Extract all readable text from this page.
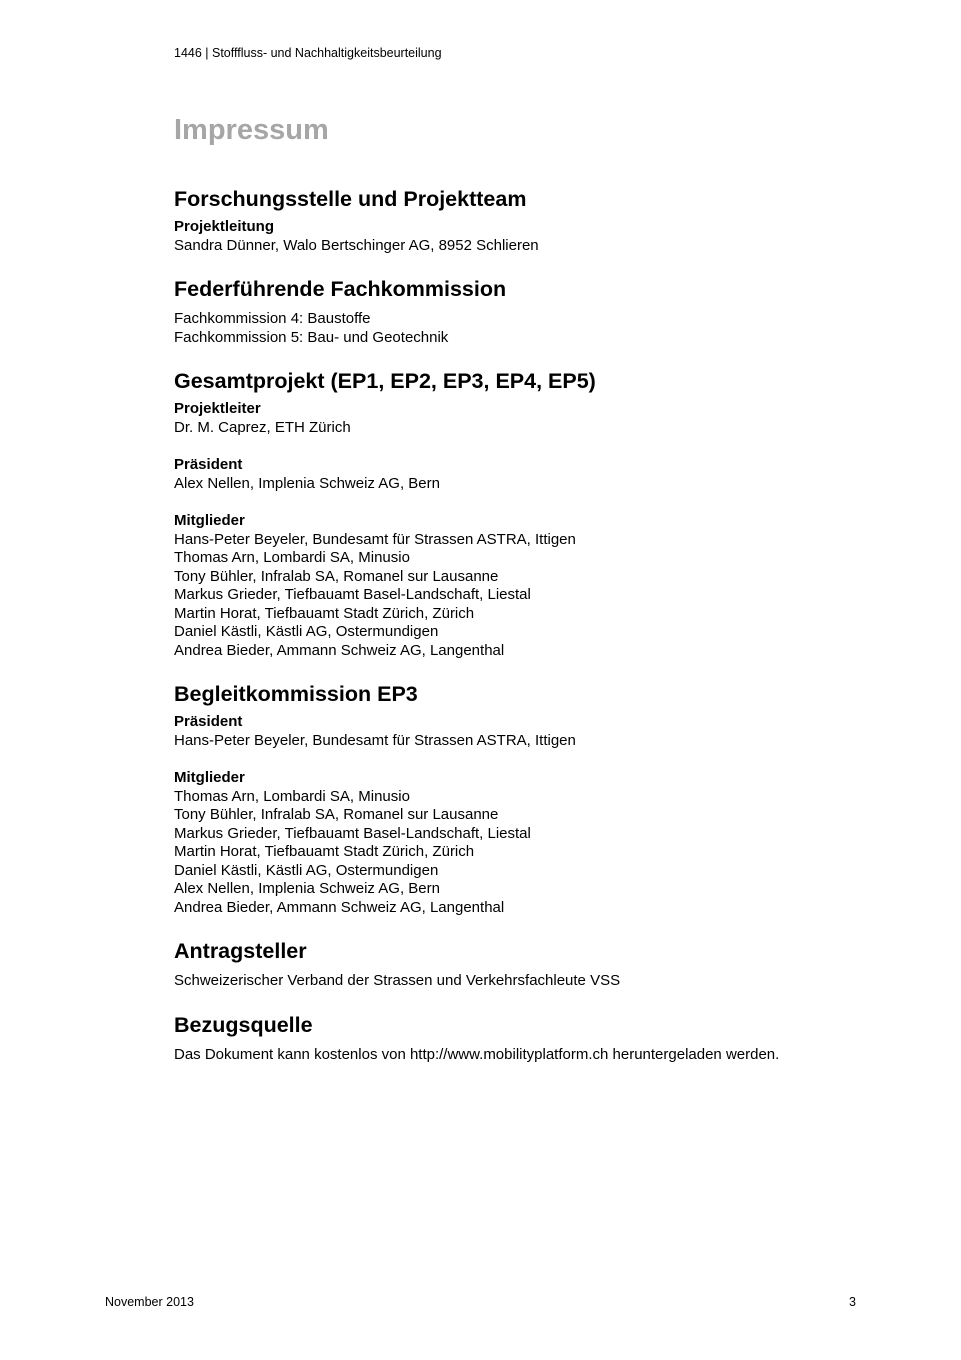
1446 | Stofffluss- und Nachhaltigkeitsbeurteilung
Impressum
Forschungsstelle und Projektteam
Projektleitung
Sandra Dünner, Walo Bertschinger AG, 8952 Schlieren
Federführende Fachkommission
Fachkommission 4: Baustoffe
Fachkommission 5: Bau- und Geotechnik
Gesamtprojekt (EP1, EP2, EP3, EP4, EP5)
Projektleiter
Dr. M. Caprez, ETH Zürich
Präsident
Alex Nellen, Implenia Schweiz AG, Bern
Mitglieder
Hans-Peter Beyeler, Bundesamt für Strassen ASTRA, Ittigen
Thomas Arn, Lombardi SA, Minusio
Tony Bühler, Infralab SA, Romanel sur Lausanne
Markus Grieder, Tiefbauamt Basel-Landschaft, Liestal
Martin Horat, Tiefbauamt Stadt Zürich, Zürich
Daniel Kästli, Kästli AG, Ostermundigen
Andrea Bieder, Ammann Schweiz AG, Langenthal
Begleitkommission EP3
Präsident
Hans-Peter Beyeler, Bundesamt für Strassen ASTRA, Ittigen
Mitglieder
Thomas Arn, Lombardi SA, Minusio
Tony Bühler, Infralab SA, Romanel sur Lausanne
Markus Grieder, Tiefbauamt Basel-Landschaft, Liestal
Martin Horat, Tiefbauamt Stadt Zürich, Zürich
Daniel Kästli, Kästli AG, Ostermundigen
Alex Nellen, Implenia Schweiz AG, Bern
Andrea Bieder, Ammann Schweiz AG, Langenthal
Antragsteller
Schweizerischer Verband der Strassen und Verkehrsfachleute VSS
Bezugsquelle
Das Dokument kann kostenlos von http://www.mobilityplatform.ch heruntergeladen werden.
November 2013	3
